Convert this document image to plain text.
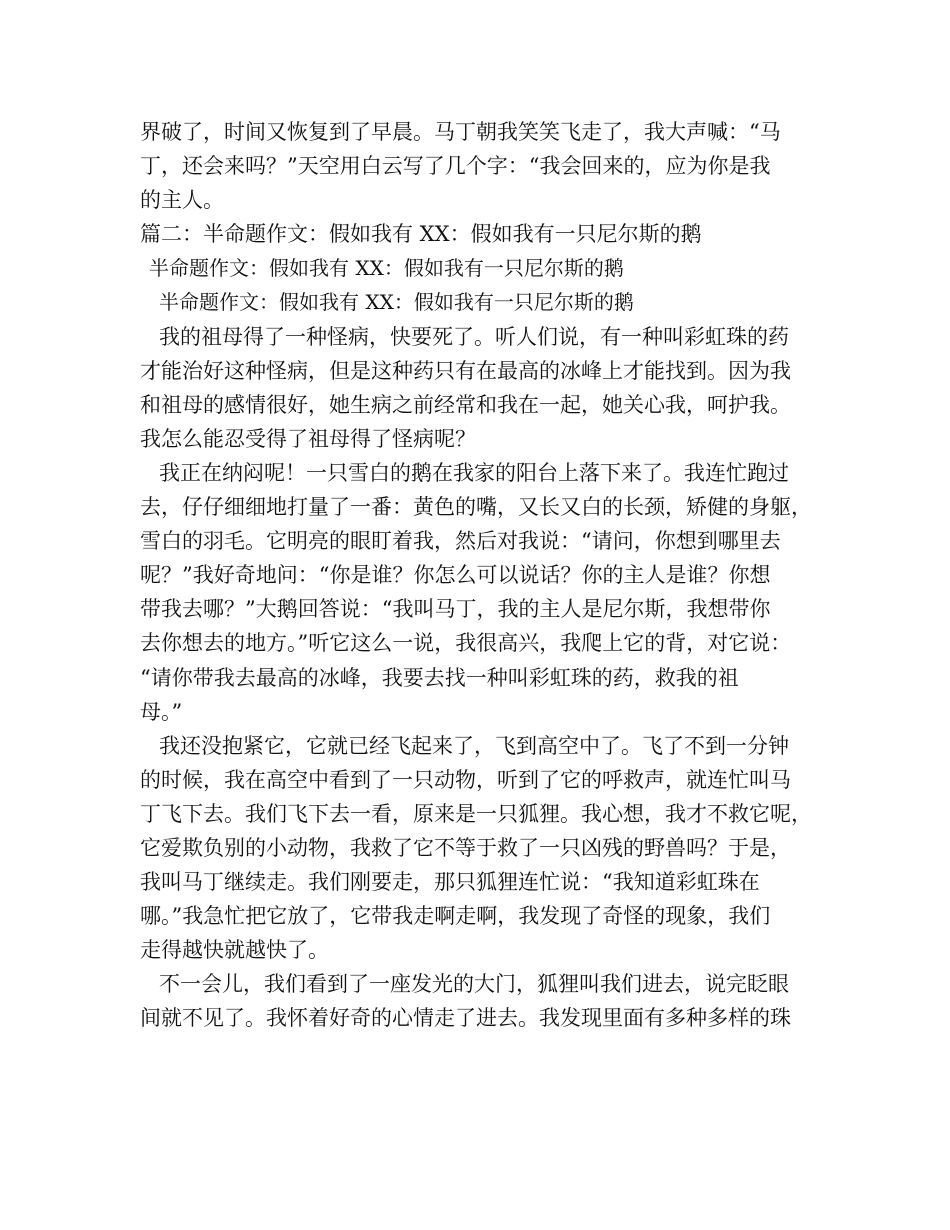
界破了，时间又恢复到了早晨。马丁朝我笑笑飞走了，我大声喊：“马
丁，还会来吗？”天空用白云写了几个字：“我会回来的，应为你是我
的主人。
篇二：半命题作文：假如我有 XX：假如我有一只尼尔斯的鹅
半命题作文：假如我有 XX：假如我有一只尼尔斯的鹅
半命题作文：假如我有 XX：假如我有一只尼尔斯的鹅
我的祖母得了一种怪病，快要死了。听人们说，有一种叫彩虹珠的药
才能治好这种怪病，但是这种药只有在最高的冰峰上才能找到。因为我
和祖母的感情很好，她生病之前经常和我在一起，她关心我，呵护我。
我怎么能忍受得了祖母得了怪病呢？
我正在纳闷呢！一只雪白的鹅在我家的阳台上落下来了。我连忙跑过
去，仔仔细细地打量了一番：黄色的嘴，又长又白的长颈，矫健的身躯，
雪白的羽毛。它明亮的眼盯着我，然后对我说：“请问，你想到哪里去
呢？”我好奇地问：“你是谁？你怎么可以说话？你的主人是谁？你想
带我去哪？”大鹅回答说：“我叫马丁，我的主人是尼尔斯，我想带你
去你想去的地方。”听它这么一说，我很高兴，我爬上它的背，对它说：
“请你带我去最高的冰峰，我要去找一种叫彩虹珠的药，救我的祖
母。”
我还没抱紧它，它就已经飞起来了，飞到高空中了。飞了不到一分钟
的时候，我在高空中看到了一只动物，听到了它的呼救声，就连忙叫马
丁飞下去。我们飞下去一看，原来是一只狐狸。我心想，我才不救它呢，
它爱欺负别的小动物，我救了它不等于救了一只凶残的野兽吗？于是，
我叫马丁继续走。我们刚要走，那只狐狸连忙说：“我知道彩虹珠在
哪。”我急忙把它放了，它带我走啊走啊，我发现了奇怪的现象，我们
走得越快就越快了。
不一会儿，我们看到了一座发光的大门，狐狸叫我们进去，说完眨眼
间就不见了。我怀着好奇的心情走了进去。我发现里面有多种多样的珠
